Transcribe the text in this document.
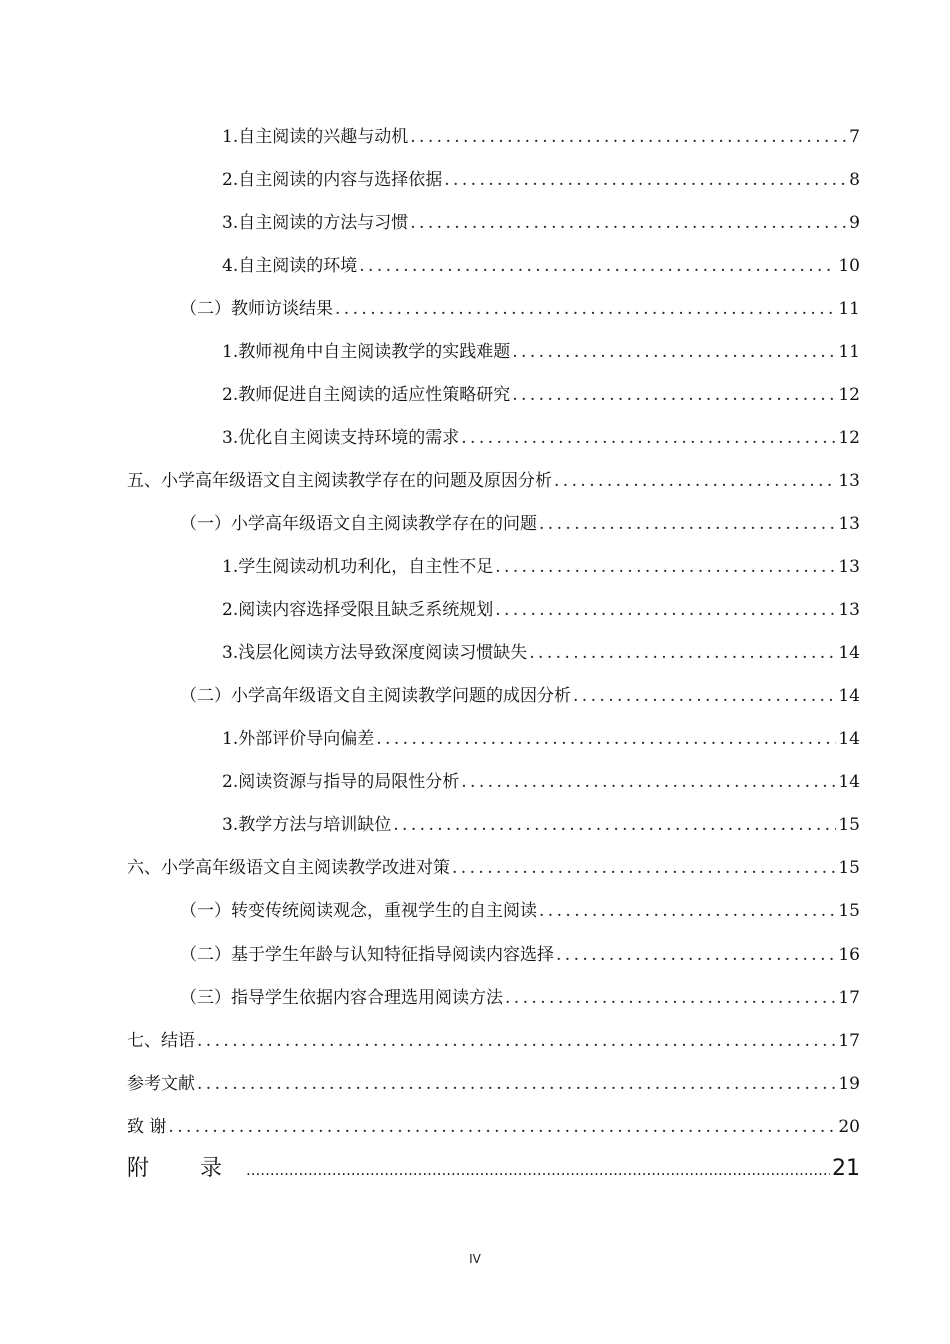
1.自主阅读的兴趣与动机 .....	7
2.自主阅读的内容与选择依据 .....	8
3.自主阅读的方法与习惯 .....	9
4.自主阅读的环境 .....	10
（二）教师访谈结果 .....	11
1.教师视角中自主阅读教学的实践难题 .....	11
2.教师促进自主阅读的适应性策略研究 .....	12
3.优化自主阅读支持环境的需求 .....	12
五、小学高年级语文自主阅读教学存在的问题及原因分析 .....	13
（一）小学高年级语文自主阅读教学存在的问题 .....	13
1.学生阅读动机功利化，自主性不足 .....	13
2.阅读内容选择受限且缺乏系统规划 .....	13
3.浅层化阅读方法导致深度阅读习惯缺失 .....	14
（二）小学高年级语文自主阅读教学问题的成因分析 .....	14
1.外部评价导向偏差 .....	14
2.阅读资源与指导的局限性分析 .....	14
3.教学方法与培训缺位 .....	15
六、小学高年级语文自主阅读教学改进对策 .....	15
（一）转变传统阅读观念，重视学生的自主阅读 .....	15
（二）基于学生年龄与认知特征指导阅读内容选择 .....	16
（三）指导学生依据内容合理选用阅读方法 .....	17
七、结语 .....	17
参考文献 .....	19
致 谢 .....	20
附 录 .....	21
IV
